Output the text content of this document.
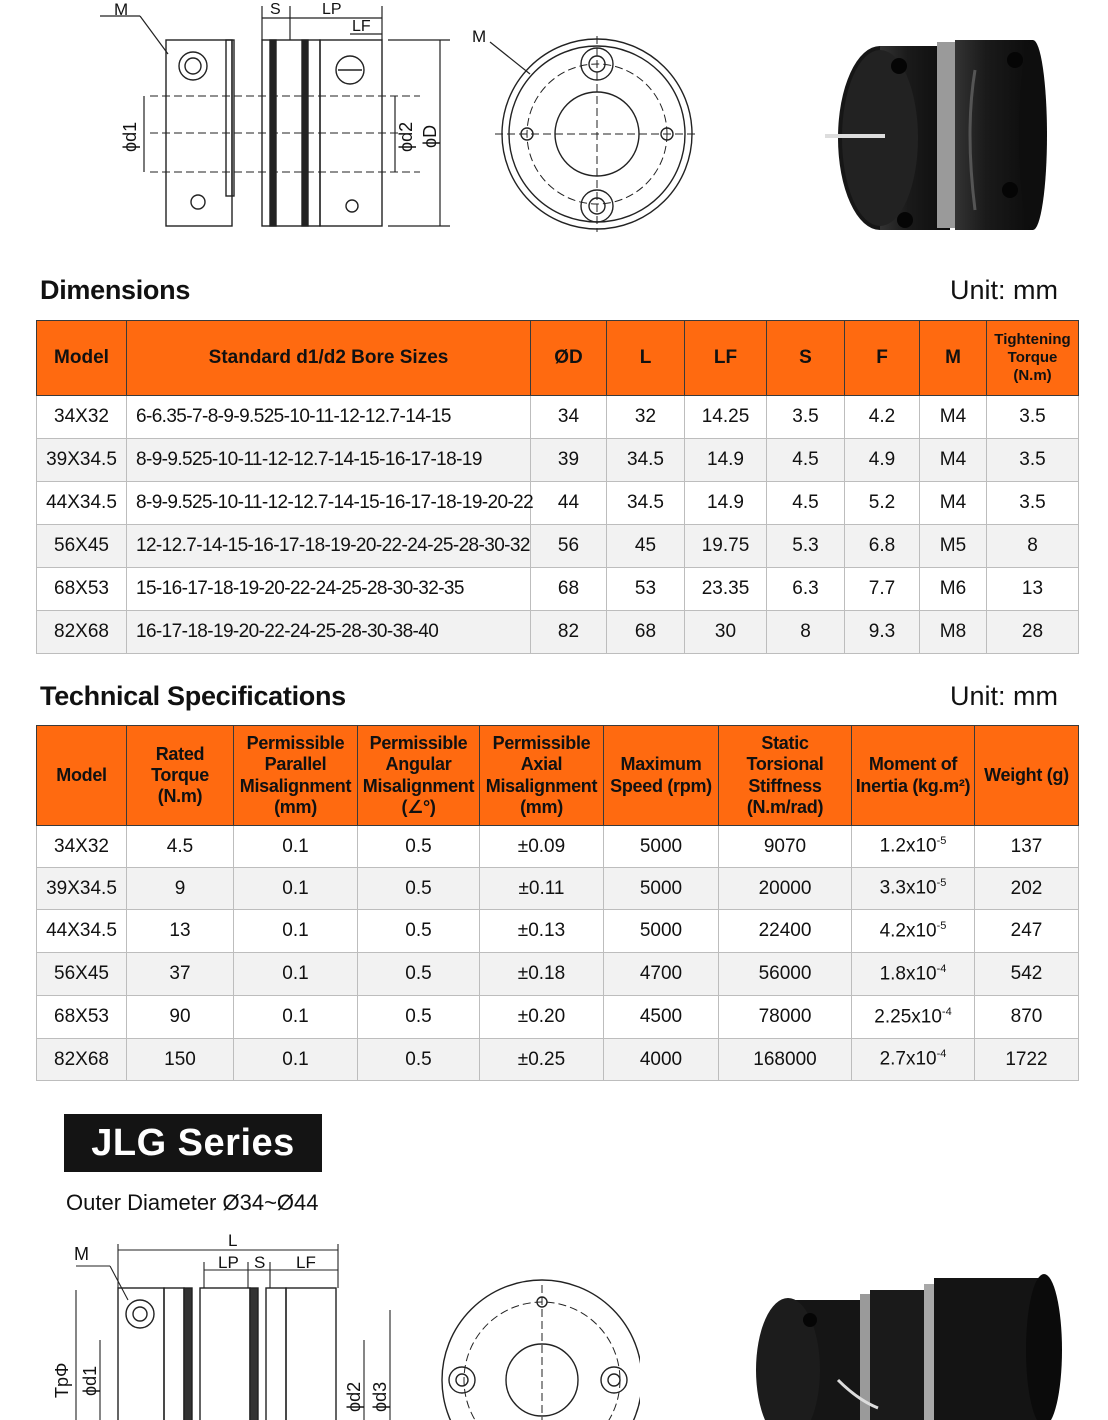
M	S	LP
LF
ϕd1	ϕd2 ϕD
M
Dimensions	Unit: mm
Model	Standard d1/d2 Bore Sizes	ØD	L	LF	S	F	M	Tightening Torque (N.m)
34X32	6-6.35-7-8-9-9.525-10-11-12-12.7-14-15	34	32	14.25	3.5	4.2	M4	3.5
39X34.5	8-9-9.525-10-11-12-12.7-14-15-16-17-18-19	39	34.5	14.9	4.5	4.9	M4	3.5
44X34.5	8-9-9.525-10-11-12-12.7-14-15-16-17-18-19-20-22	44	34.5	14.9	4.5	5.2	M4	3.5
56X45	12-12.7-14-15-16-17-18-19-20-22-24-25-28-30-32	56	45	19.75	5.3	6.8	M5	8
68X53	15-16-17-18-19-20-22-24-25-28-30-32-35	68	53	23.35	6.3	7.7	M6	13
82X68	16-17-18-19-20-22-24-25-28-30-38-40	82	68	30	8	9.3	M8	28
Technical Specifications	Unit: mm
Model	Rated Torque (N.m)	Permissible Parallel Misalignment (mm)	Permissible Angular Misalignment (∠°)	Permissible Axial Misalignment (mm)	Maximum Speed (rpm)	Static Torsional Stiffness (N.m/rad)	Moment of Inertia (kg.m²)	Weight (g)
34X32	4.5	0.1	0.5	±0.09	5000	9070	$1.2x10^{-5}$	137
39X34.5	9	0.1	0.5	±0.11	5000	20000	$3.3x10^{-5}$	202
44X34.5	13	0.1	0.5	±0.13	5000	22400	$4.2x10^{-5}$	247
56X45	37	0.1	0.5	±0.18	4700	56000	$1.8x10^{-4}$	542
68X53	90	0.1	0.5	±0.20	4500	78000	$2.25x10^{-4}$	870
82X68	150	0.1	0.5	±0.25	4000	168000	$2.7x10^{-4}$	1722
JLG Series
Outer Diameter Ø34~Ø44
M
L
LP S LF
TpΦ ϕd1
ϕd2 ϕd3
